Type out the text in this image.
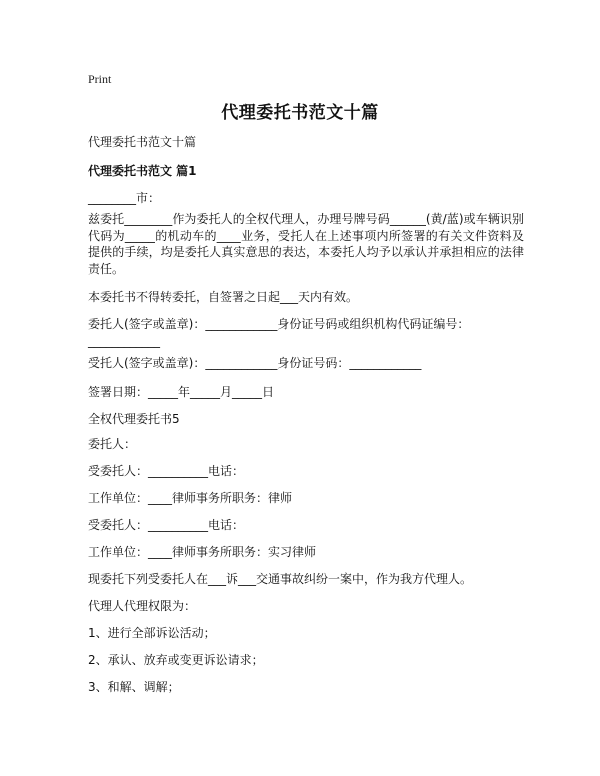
Print
代理委托书范文十篇
代理委托书范文十篇
代理委托书范文 篇1
________市：
兹委托________作为委托人的全权代理人，办理号牌号码______(黄/蓝)或车辆识别代码为_____的机动车的____业务，受托人在上述事项内所签署的有关文件资料及提供的手续，均是委托人真实意思的表达，本委托人均予以承认并承担相应的法律责任。
本委托书不得转委托，自签署之日起___天内有效。
委托人(签字或盖章)：____________身份证号码或组织机构代码证编号：
____________
受托人(签字或盖章)：____________身份证号码：____________
签署日期：_____年_____月_____日
全权代理委托书5
委托人：
受委托人：__________电话：
工作单位：____律师事务所职务：律师
受委托人：__________电话：
工作单位：____律师事务所职务：实习律师
现委托下列受委托人在___诉___交通事故纠纷一案中，作为我方代理人。
代理人代理权限为：
1、进行全部诉讼活动；
2、承认、放弃或变更诉讼请求；
3、和解、调解；
